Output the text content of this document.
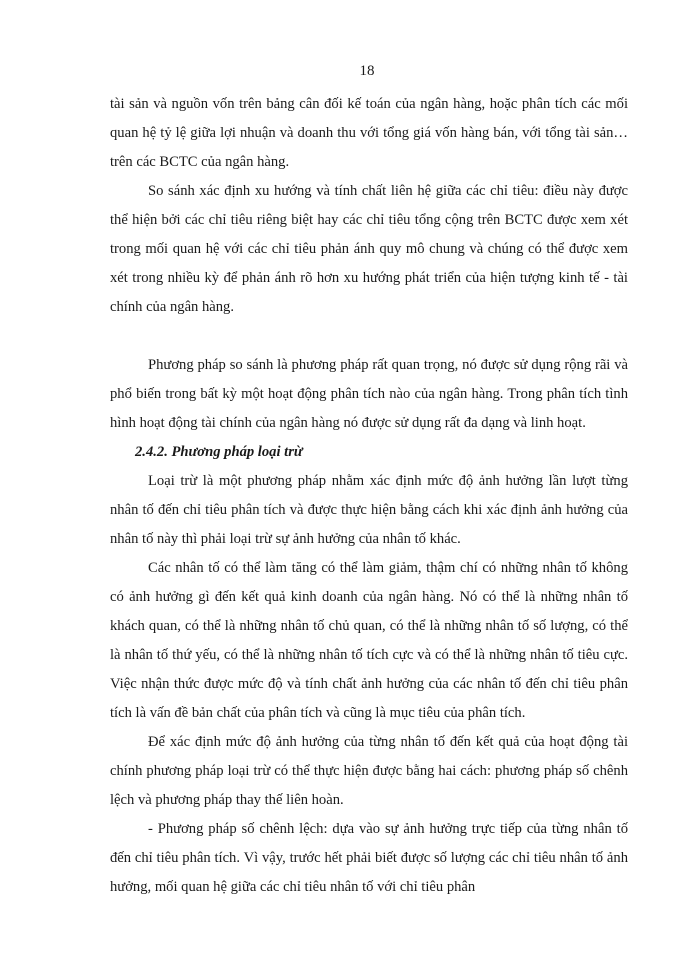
18

tài sản và nguồn vốn trên bảng cân đối kế toán của ngân hàng, hoặc phân tích các mối quan hệ tỷ lệ giữa lợi nhuận và doanh thu với tổng giá vốn hàng bán, với tổng tài sản…trên các BCTC của ngân hàng.

So sánh xác định xu hướng và tính chất liên hệ giữa các chỉ tiêu: điều này được thể hiện bởi các chỉ tiêu riêng biệt hay các chỉ tiêu tổng cộng trên BCTC được xem xét trong mối quan hệ với các chỉ tiêu phản ánh quy mô chung và chúng có thể được xem xét trong nhiều kỳ để phản ánh rõ hơn xu hướng phát triển của hiện tượng kinh tế - tài chính của ngân hàng.

Phương pháp so sánh là phương pháp rất quan trọng, nó được sử dụng rộng rãi và phổ biến trong bất kỳ một hoạt động phân tích nào của ngân hàng. Trong phân tích tình hình hoạt động tài chính của ngân hàng nó được sử dụng rất đa dạng và linh hoạt.

2.4.2. Phương pháp loại trừ

Loại trừ là một phương pháp nhằm xác định mức độ ảnh hưởng lần lượt từng nhân tố đến chỉ tiêu phân tích và được thực hiện bằng cách khi xác định ảnh hưởng của nhân tố này thì phải loại trừ sự ảnh hưởng của nhân tố khác.

Các nhân tố có thể làm tăng có thể làm giảm, thậm chí có những nhân tố không có ảnh hưởng gì đến kết quả kinh doanh của ngân hàng. Nó có thể là những nhân tố khách quan, có thể là những nhân tố chủ quan, có thể là những nhân tố số lượng, có thể là nhân tố thứ yếu, có thể là những nhân tố tích cực và có thể là những nhân tố tiêu cực. Việc nhận thức được mức độ và tính chất ảnh hưởng của các nhân tố đến chỉ tiêu phân tích là vấn đề bản chất của phân tích và cũng là mục tiêu của phân tích.

Để xác định mức độ ảnh hưởng của từng nhân tố đến kết quả của hoạt động tài chính phương pháp loại trừ có thể thực hiện được bằng hai cách: phương pháp số chênh lệch và phương pháp thay thế liên hoàn.

- Phương pháp số chênh lệch: dựa vào sự ảnh hưởng trực tiếp của từng nhân tố đến chỉ tiêu phân tích. Vì vậy, trước hết phải biết được số lượng các chỉ tiêu nhân tố ảnh hưởng, mối quan hệ giữa các chỉ tiêu nhân tố với chỉ tiêu phân
